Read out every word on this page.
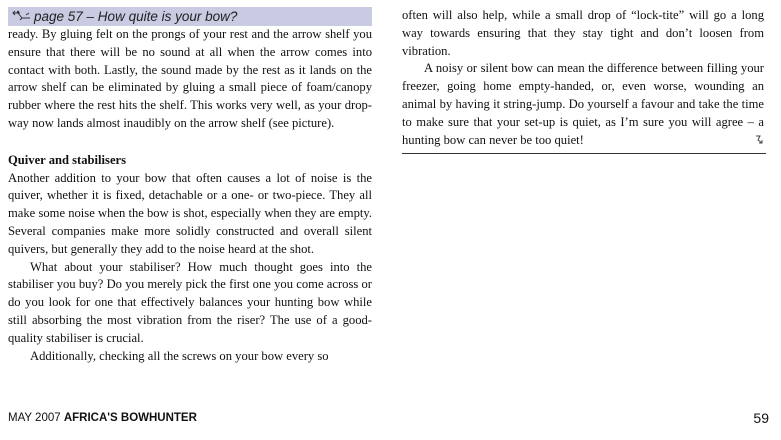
page 57 – How quite is your bow?

ready. By gluing felt on the prongs of your rest and the arrow shelf you ensure that there will be no sound at all when the arrow comes into contact with both. Lastly, the sound made by the rest as it lands on the arrow shelf can be eliminated by gluing a small piece of foam/canopy rubber where the rest hits the shelf. This works very well, as your drop-way now lands almost inaudibly on the arrow shelf (see picture).

Quiver and stabilisers

Another addition to your bow that often causes a lot of noise is the quiver, whether it is fixed, detachable or a one- or two-piece. They all make some noise when the bow is shot, especially when they are empty. Several companies make more solidly constructed and overall silent quivers, but generally they add to the noise heard at the shot.

What about your stabiliser? How much thought goes into the stabiliser you buy? Do you merely pick the first one you come across or do you look for one that effectively balances your hunting bow while still absorbing the most vibration from the riser? The use of a good-quality stabiliser is crucial.

Additionally, checking all the screws on your bow every so

often will also help, while a small drop of “lock-tite” will go a long way towards ensuring that they stay tight and don’t loosen from vibration.

A noisy or silent bow can mean the difference between filling your freezer, going home empty-handed, or, even worse, wounding an animal by having it string-jump. Do yourself a favour and take the time to make sure that your set-up is quiet, as I’m sure you will agree – a hunting bow can never be too quiet!

MAY 2007 AFRICA'S BOWHUNTER	59
